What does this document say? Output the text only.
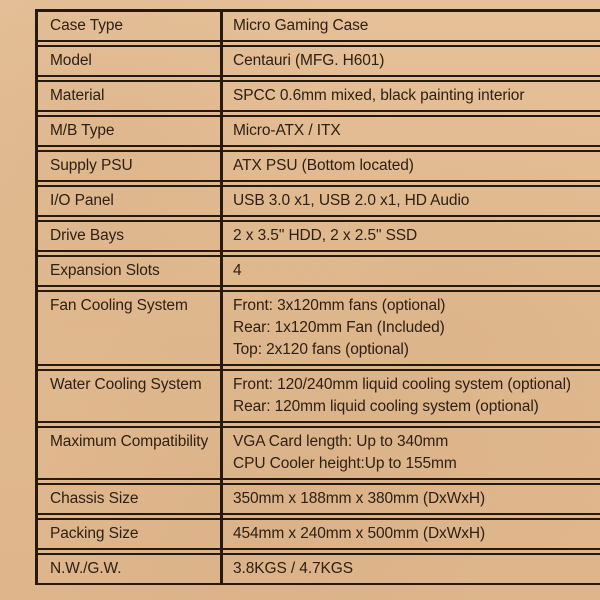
Case Type	Micro Gaming Case
Model	Centauri (MFG. H601)
Material	SPCC 0.6mm mixed, black painting interior
M/B Type	Micro-ATX / ITX
Supply PSU	ATX PSU (Bottom located)
I/O Panel	USB 3.0 x1, USB 2.0 x1, HD Audio
Drive Bays	2 x 3.5" HDD, 2 x 2.5" SSD
Expansion Slots	4
Fan Cooling System	Front: 3x120mm fans (optional)
Rear: 1x120mm Fan (Included)
Top: 2x120 fans (optional)
Water Cooling System	Front: 120/240mm liquid cooling system (optional)
Rear: 120mm liquid cooling system (optional)
Maximum Compatibility	VGA Card length: Up to 340mm
CPU Cooler height:Up to 155mm
Chassis Size	350mm x 188mm x 380mm (DxWxH)
Packing Size	454mm x 240mm x 500mm (DxWxH)
N.W./G.W.	3.8KGS / 4.7KGS
